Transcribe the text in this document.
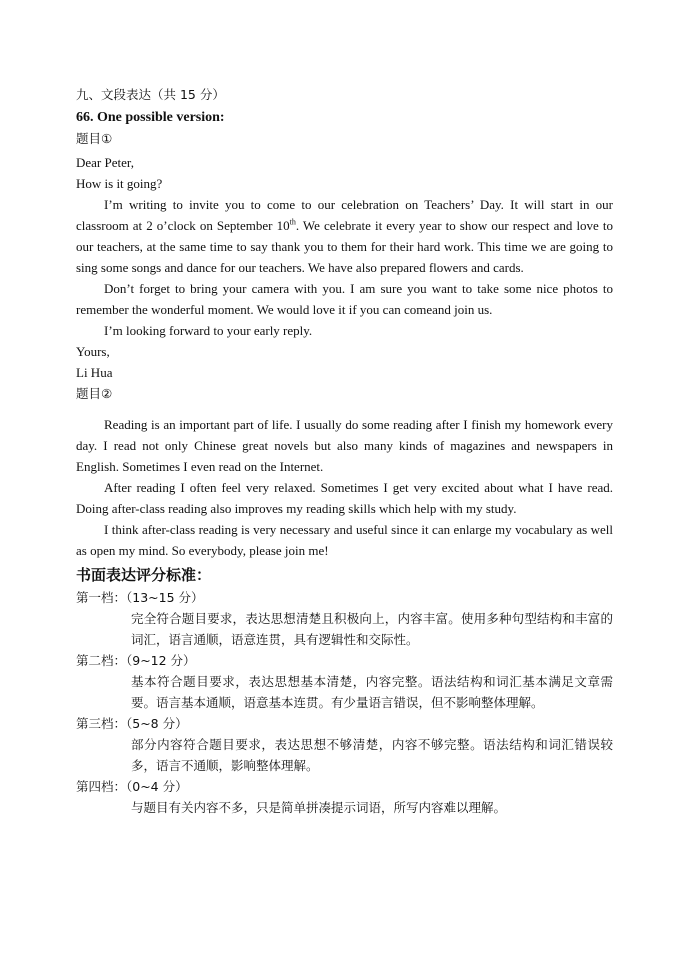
九、文段表达（共 15 分）
66. One possible version:
题目①
Dear Peter,
How is it going?
I’m writing to invite you to come to our celebration on Teachers’ Day. It will start in our classroom at 2 o’clock on September 10th. We celebrate it every year to show our respect and love to our teachers, at the same time to say thank you to them for their hard work. This time we are going to sing some songs and dance for our teachers. We have also prepared flowers and cards.
Don’t forget to bring your camera with you. I am sure you want to take some nice photos to remember the wonderful moment. We would love it if you can comeand join us.
I’m looking forward to your early reply.
Yours,
Li Hua
题目②
Reading is an important part of life. I usually do some reading after I finish my homework every day. I read not only Chinese great novels but also many kinds of magazines and newspapers in English. Sometimes I even read on the Internet.
After reading I often feel very relaxed. Sometimes I get very excited about what I have read. Doing after-class reading also improves my reading skills which help with my study.
I think after-class reading is very necessary and useful since it can enlarge my vocabulary as well as open my mind. So everybody, please join me!
书面表达评分标准：
第一档：（13~15 分）
完全符合题目要求，表达思想清楚且积极向上，内容丰富。使用多种句型结构和丰富的词汇，语言通顺，语意连贯，具有逻辑性和交际性。
第二档：（9~12 分）
基本符合题目要求，表达思想基本清楚，内容完整。语法结构和词汇基本满足文章需要。语言基本通顺，语意基本连贯。有少量语言错误，但不影响整体理解。
第三档：（5~8 分）
部分内容符合题目要求，表达思想不够清楚，内容不够完整。语法结构和词汇错误较多，语言不通顺，影响整体理解。
第四档：（0~4 分）
与题目有关内容不多，只是简单拼凑提示词语，所写内容难以理解。
